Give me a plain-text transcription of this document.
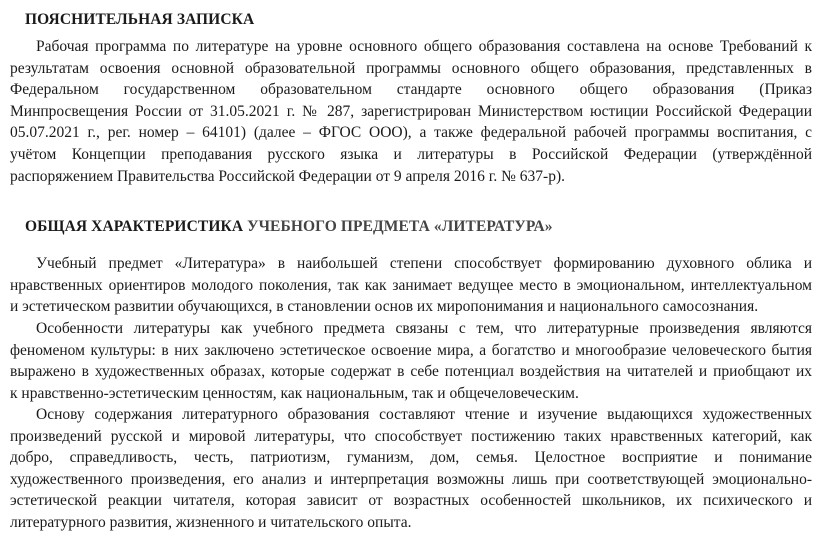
ПОЯСНИТЕЛЬНАЯ ЗАПИСКА
Рабочая программа по литературе на уровне основного общего образования составлена на основе Требований к
результатам освоения основной образовательной программы основного общего образования, представленных в
Федеральном государственном образовательном стандарте основного общего образования (Приказ
Минпросвещения России от 31.05.2021 г. № 287, зарегистрирован Министерством юстиции Российской Федерации
05.07.2021 г., рег. номер – 64101) (далее – ФГОС ООО), а также федеральной рабочей программы воспитания, с
учётом Концепции преподавания русского языка и литературы в Российской Федерации (утверждённой
распоряжением Правительства Российской Федерации от 9 апреля 2016 г. № 637-р).
ОБЩАЯ ХАРАКТЕРИСТИКА УЧЕБНОГО ПРЕДМЕТА «ЛИТЕРАТУРА»
Учебный предмет «Литература» в наибольшей степени способствует формированию духовного облика и
нравственных ориентиров молодого поколения, так как занимает ведущее место в эмоциональном, интеллектуальном
и эстетическом развитии обучающихся, в становлении основ их миропонимания и национального самосознания.
Особенности литературы как учебного предмета связаны с тем, что литературные произведения являются
феноменом культуры: в них заключено эстетическое освоение мира, а богатство и многообразие человеческого бытия
выражено в художественных образах, которые содержат в себе потенциал воздействия на читателей и приобщают их
к нравственно-эстетическим ценностям, как национальным, так и общечеловеческим.
Основу содержания литературного образования составляют чтение и изучение выдающихся художественных
произведений русской и мировой литературы, что способствует постижению таких нравственных категорий, как
добро, справедливость, честь, патриотизм, гуманизм, дом, семья. Целостное восприятие и понимание
художественного произведения, его анализ и интерпретация возможны лишь при соответствующей эмоционально-
эстетической реакции читателя, которая зависит от возрастных особенностей школьников, их психического и
литературного развития, жизненного и читательского опыта.
